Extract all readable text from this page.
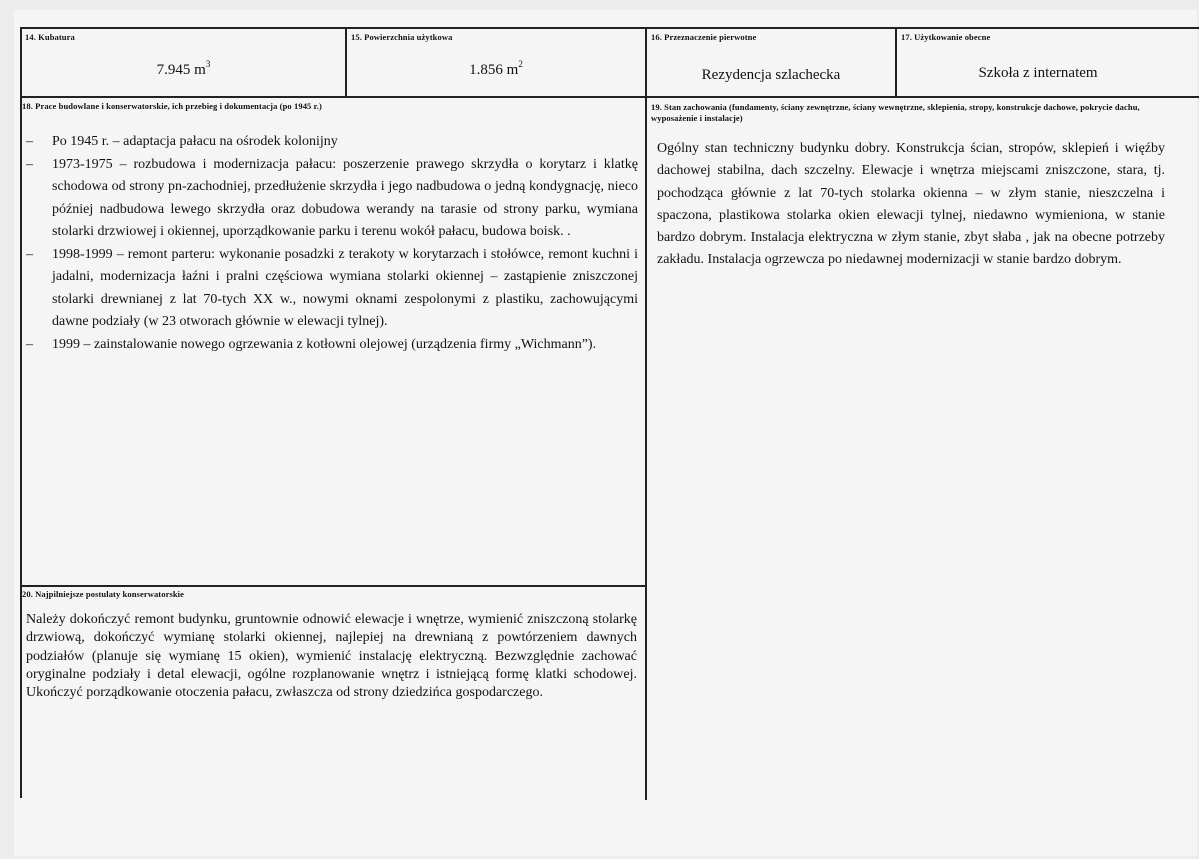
14. Kubatura
7.945 $m^3$
15. Powierzchnia użytkowa
1.856 $m^2$
16. Przeznaczenie pierwotne
Rezydencja szlachecka
17. Użytkowanie obecne
Szkoła z internatem
18. Prace budowlane i konserwatorskie, ich przebieg i dokumentacja (po 1945 r.)
– Po 1945 r. – adaptacja pałacu na ośrodek kolonijny
– 1973-1975 – rozbudowa i modernizacja pałacu: poszerzenie prawego skrzydła o korytarz i klatkę schodowa od strony pn-zachodniej, przedłużenie skrzydła i jego nadbudowa o jedną kondygnację, nieco później nadbudowa lewego skrzydła oraz dobudowa werandy na tarasie od strony parku, wymiana stolarki drzwiowej i okiennej, uporządkowanie parku i terenu wokół pałacu, budowa boisk. .
– 1998-1999 – remont parteru: wykonanie posadzki z terakoty w korytarzach i stołówce, remont kuchni i jadalni, modernizacja łaźni i pralni częściowa wymiana stolarki okiennej – zastąpienie zniszczonej stolarki drewnianej z lat 70-tych XX w., nowymi oknami zespolonymi z plastiku, zachowującymi dawne podziały (w 23 otworach głównie w elewacji tylnej).
– 1999 – zainstalowanie nowego ogrzewania z kotłowni olejowej (urządzenia firmy „Wichmann”).
19. Stan zachowania (fundamenty, ściany zewnętrzne, ściany wewnętrzne, sklepienia, stropy, konstrukcje dachowe, pokrycie dachu, wyposażenie i instalacje)
Ogólny stan techniczny budynku dobry. Konstrukcja ścian, stropów, sklepień i więźby dachowej stabilna, dach szczelny. Elewacje i wnętrza miejscami zniszczone, stara, tj. pochodząca głównie z lat 70-tych stolarka okienna – w złym stanie, nieszczelna i spaczona, plastikowa stolarka okien elewacji tylnej, niedawno wymieniona, w stanie bardzo dobrym. Instalacja elektryczna w złym stanie, zbyt słaba , jak na obecne potrzeby zakładu. Instalacja ogrzewcza po niedawnej modernizacji w stanie bardzo dobrym.
20. Najpilniejsze postulaty konserwatorskie
Należy dokończyć remont budynku, gruntownie odnowić elewacje i wnętrze, wymienić zniszczoną stolarkę drzwiową, dokończyć wymianę stolarki okiennej, najlepiej na drewnianą z powtórzeniem dawnych podziałów (planuje się wymianę 15 okien), wymienić instalację elektryczną. Bezwzględnie zachować oryginalne podziały i detal elewacji, ogólne rozplanowanie wnętrz i istniejącą formę klatki schodowej. Ukończyć porządkowanie otoczenia pałacu, zwłaszcza od strony dziedzińca gospodarczego.
